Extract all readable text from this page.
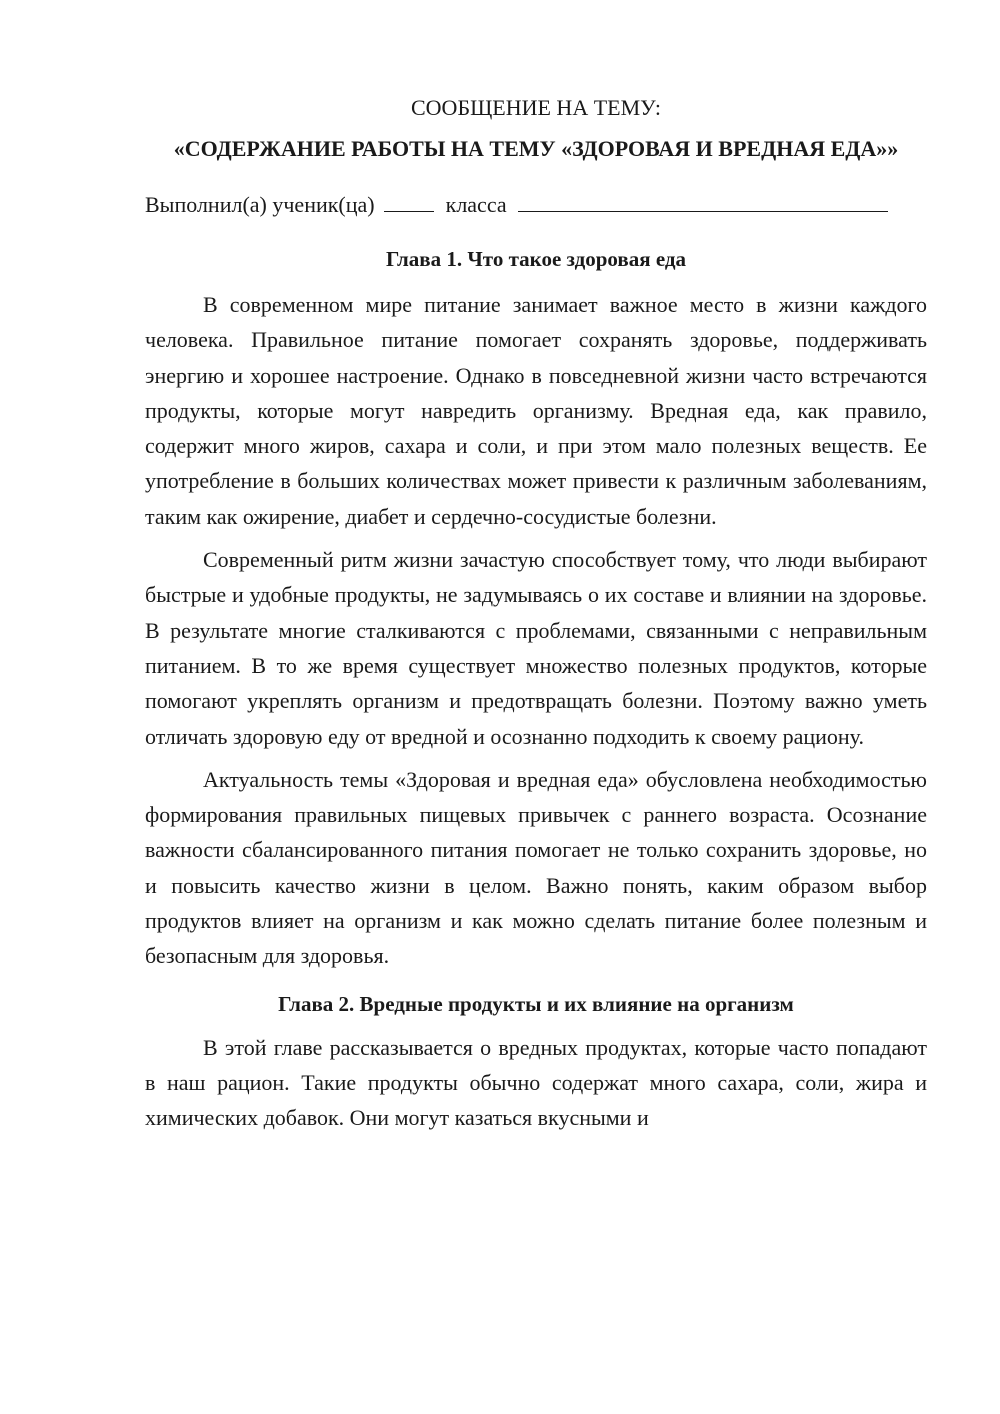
СООБЩЕНИЕ НА ТЕМУ:

«СОДЕРЖАНИЕ РАБОТЫ НА ТЕМУ «ЗДОРОВАЯ И ВРЕДНАЯ ЕДА»»

Выполнил(а) ученик(ца)	класса
Глава 1. Что такое здоровая еда

В современном мире питание занимает важное место в жизни каждого человека. Правильное питание помогает сохранять здоровье, поддерживать энергию и хорошее настроение. Однако в повседневной жизни часто встречаются продукты, которые могут навредить организму. Вредная еда, как правило, содержит много жиров, сахара и соли, и при этом мало полезных веществ. Ее употребление в больших количествах может привести к различным заболеваниям, таким как ожирение, диабет и сердечно-сосудистые болезни.

Современный ритм жизни зачастую способствует тому, что люди выбирают быстрые и удобные продукты, не задумываясь о их составе и влиянии на здоровье. В результате многие сталкиваются с проблемами, связанными с неправильным питанием. В то же время существует множество полезных продуктов, которые помогают укреплять организм и предотвращать болезни. Поэтому важно уметь отличать здоровую еду от вредной и осознанно подходить к своему рациону.

Актуальность темы «Здоровая и вредная еда» обусловлена необходимостью формирования правильных пищевых привычек с раннего возраста. Осознание важности сбалансированного питания помогает не только сохранить здоровье, но и повысить качество жизни в целом. Важно понять, каким образом выбор продуктов влияет на организм и как можно сделать питание более полезным и безопасным для здоровья.

Глава 2. Вредные продукты и их влияние на организм

В этой главе рассказывается о вредных продуктах, которые часто попадают в наш рацион. Такие продукты обычно содержат много сахара, соли, жира и химических добавок. Они могут казаться вкусными и
